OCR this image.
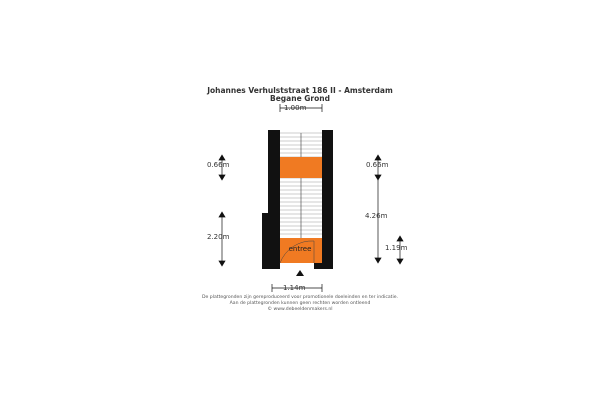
Johannes Verhulststraat 186 II - Amsterdam
Begane Grond
entree
1.00m
1.14m
0.66m
2.20m
0.66m
4.26m
1.19m
De plattegronden zijn gereproduceerd voor promotionele doeleinden en ter indicatie.
Aan de plattegronden kunnen geen rechten worden ontleend
© www.debeeldenmakers.nl
